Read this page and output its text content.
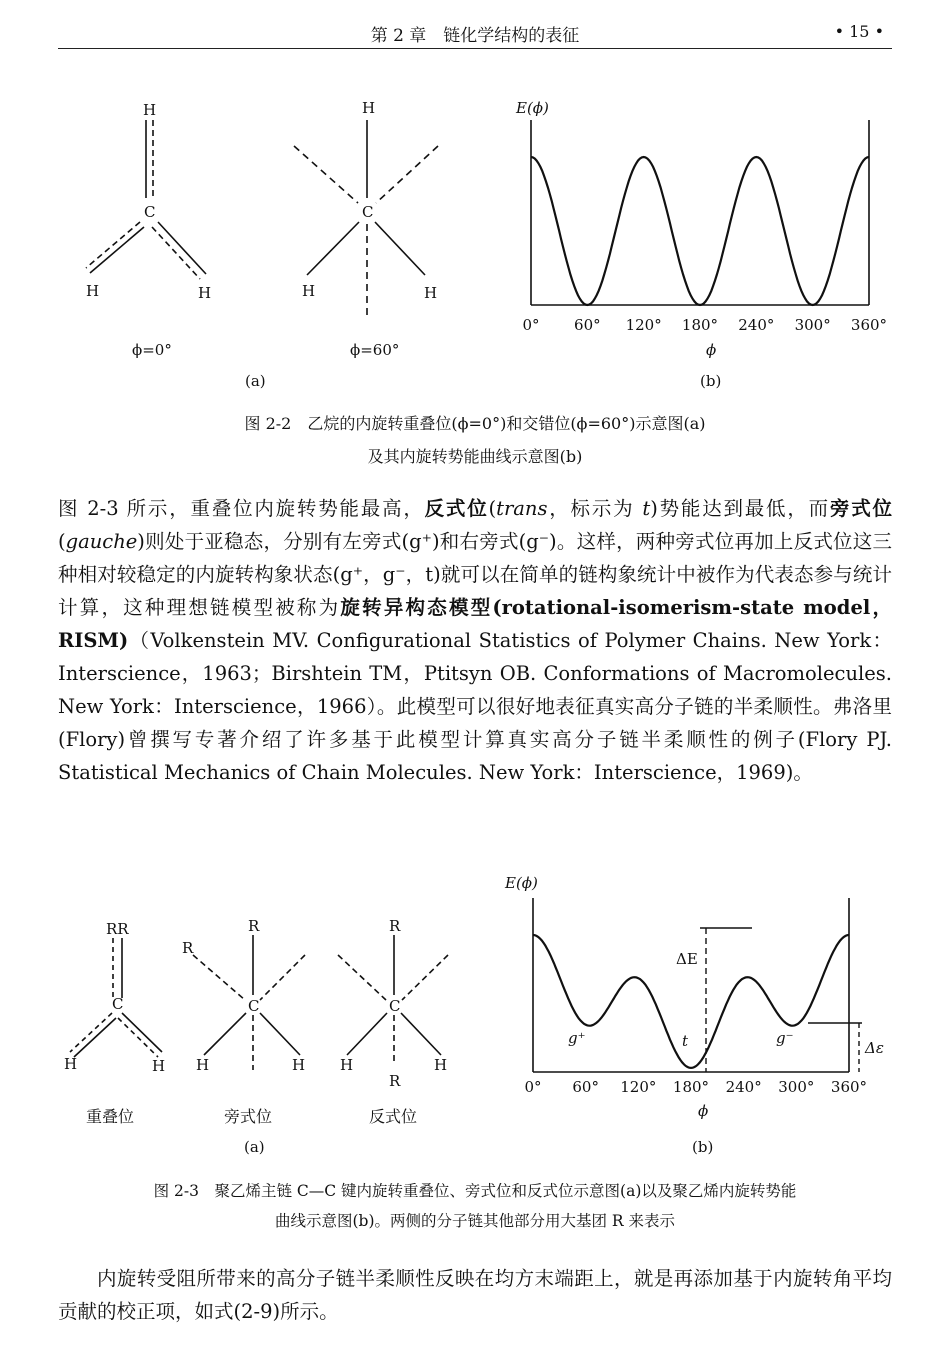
第 2 章　链化学结构的表征	• 15 •
H
C
H	H
H
C
H	H
ϕ=0°	ϕ=60°
(a)
0° 60° 120° 180° 240° 300° 360°
E(ϕ)
ϕ
(b)
图 2-2　乙烷的内旋转重叠位(ϕ=0°)和交错位(ϕ=60°)示意图(a)
及其内旋转势能曲线示意图(b)

图 2-3 所示，重叠位内旋转势能最高，反式位(trans，标示为 t)势能达到最低，而旁式位(gauche)则处于亚稳态，分别有左旁式(g⁺)和右旁式(g⁻)。这样，两种旁式位再加上反式位这三种相对较稳定的内旋转构象状态(g⁺，g⁻，t)就可以在简单的链构象统计中被作为代表态参与统计计算，这种理想链模型被称为旋转异构态模型(rotational-isomerism-state model，RISM)（Volkenstein MV. Configurational Statistics of Polymer Chains. New York：Interscience，1963；Birshtein TM，Ptitsyn OB. Conformations of Macromolecules. New York：Interscience，1966）。此模型可以很好地表征真实高分子链的半柔顺性。弗洛里(Flory)曾撰写专著介绍了许多基于此模型计算真实高分子链半柔顺性的例子(Flory PJ. Statistical Mechanics of Chain Molecules. New York：Interscience，1969)。

RR
C
H	H
R
R
C
H	H
R
C
H	H
R
重叠位	旁式位	反式位
(a)
ΔE
Δε
g⁺	t	g⁻
0° 60° 120° 180° 240° 300° 360°
E(ϕ)
ϕ
(b)
图 2-3　聚乙烯主链 C—C 键内旋转重叠位、旁式位和反式位示意图(a)以及聚乙烯内旋转势能
曲线示意图(b)。两侧的分子链其他部分用大基团 R 来表示
内旋转受阻所带来的高分子链半柔顺性反映在均方末端距上，就是再添加基于内旋转角平均贡献的校正项，如式(2-9)所示。
